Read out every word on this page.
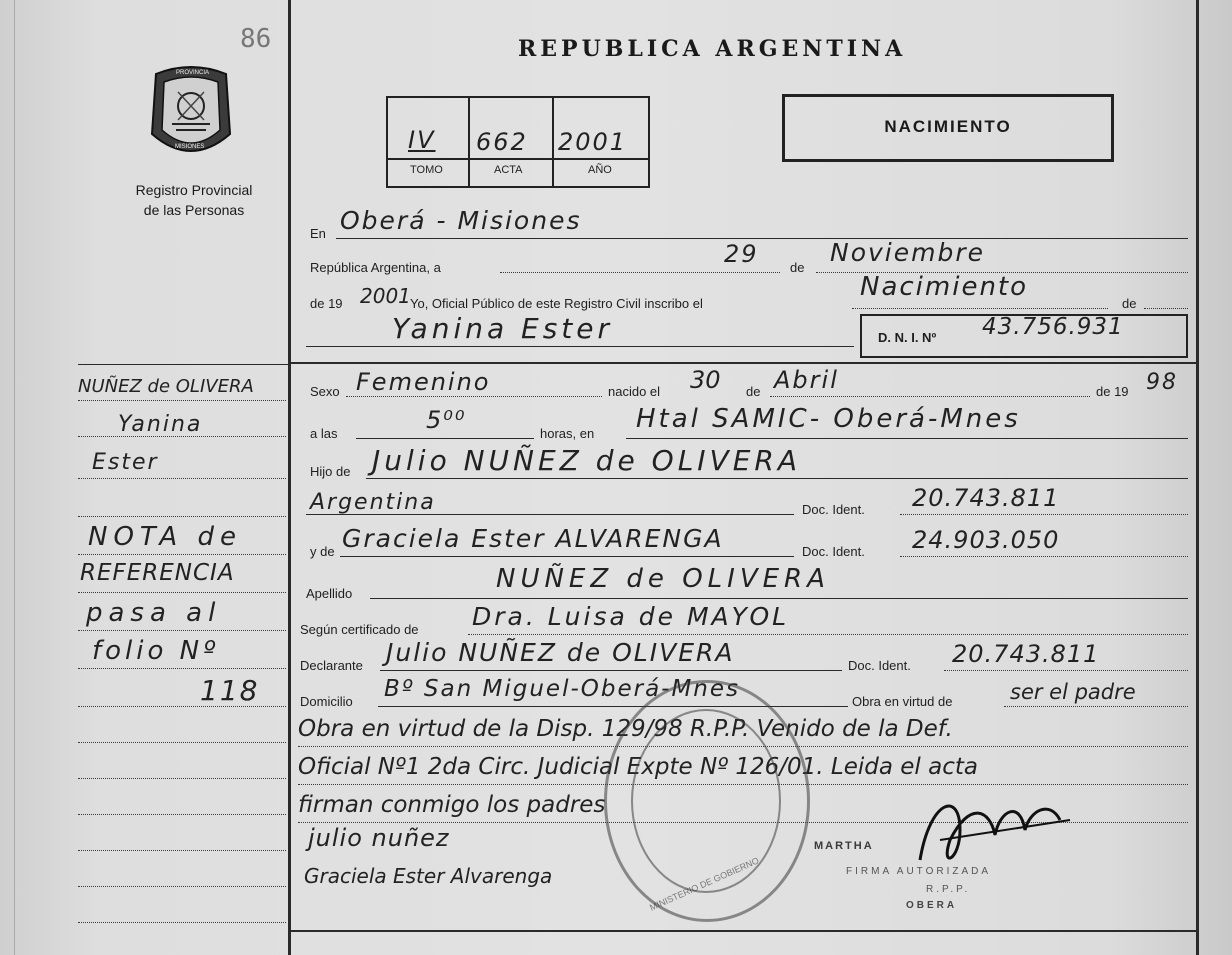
86
PROVINCIA
MISIONES
Registro Provincial
de las Personas
REPUBLICA ARGENTINA
IV 662 2001
TOMO	ACTA	AÑO
NACIMIENTO
NUÑEZ de OLIVERA
Yanina
Ester
NOTA de
REFERENCIA
pasa al
folio Nº
118
En Oberá - Misiones
República Argentina, a	29 de
Noviembre
de 19 2001 Yo, Oficial Público de este Registro Civil inscribo el
Nacimiento
de
Yanina Ester	D. N. I. Nº 43.756.931
Sexo Femenino	nacido el 30 de Abril	de 19 98
a las	5⁰⁰	horas, en Htal SAMIC- Oberá-Mnes
Hijo de Julio NUÑEZ de OLIVERA
Argentina	Doc. Ident. 20.743.811
y de Graciela Ester ALVARENGA	Doc. Ident. 24.903.050
Apellido	NUÑEZ de OLIVERA
Según certificado de Dra. Luisa de MAYOL
Declarante Julio NUÑEZ de OLIVERA	Doc. Ident. 20.743.811
Domicilio Bº San Miguel-Oberá-Mnes	Obra en virtud de	ser el padre
Obra en virtud de la Disp. 129/98 R.P.P. Venido de la Def.
Oficial Nº1 2da Circ. Judicial Expte Nº 126/01. Leida el acta
firman conmigo los padres
julio nuñez
Graciela Ester Alvarenga	MINISTERIO DE GOBIERNO
MARTHA
FIRMA AUTORIZADA
R.P.P.
OBERA
